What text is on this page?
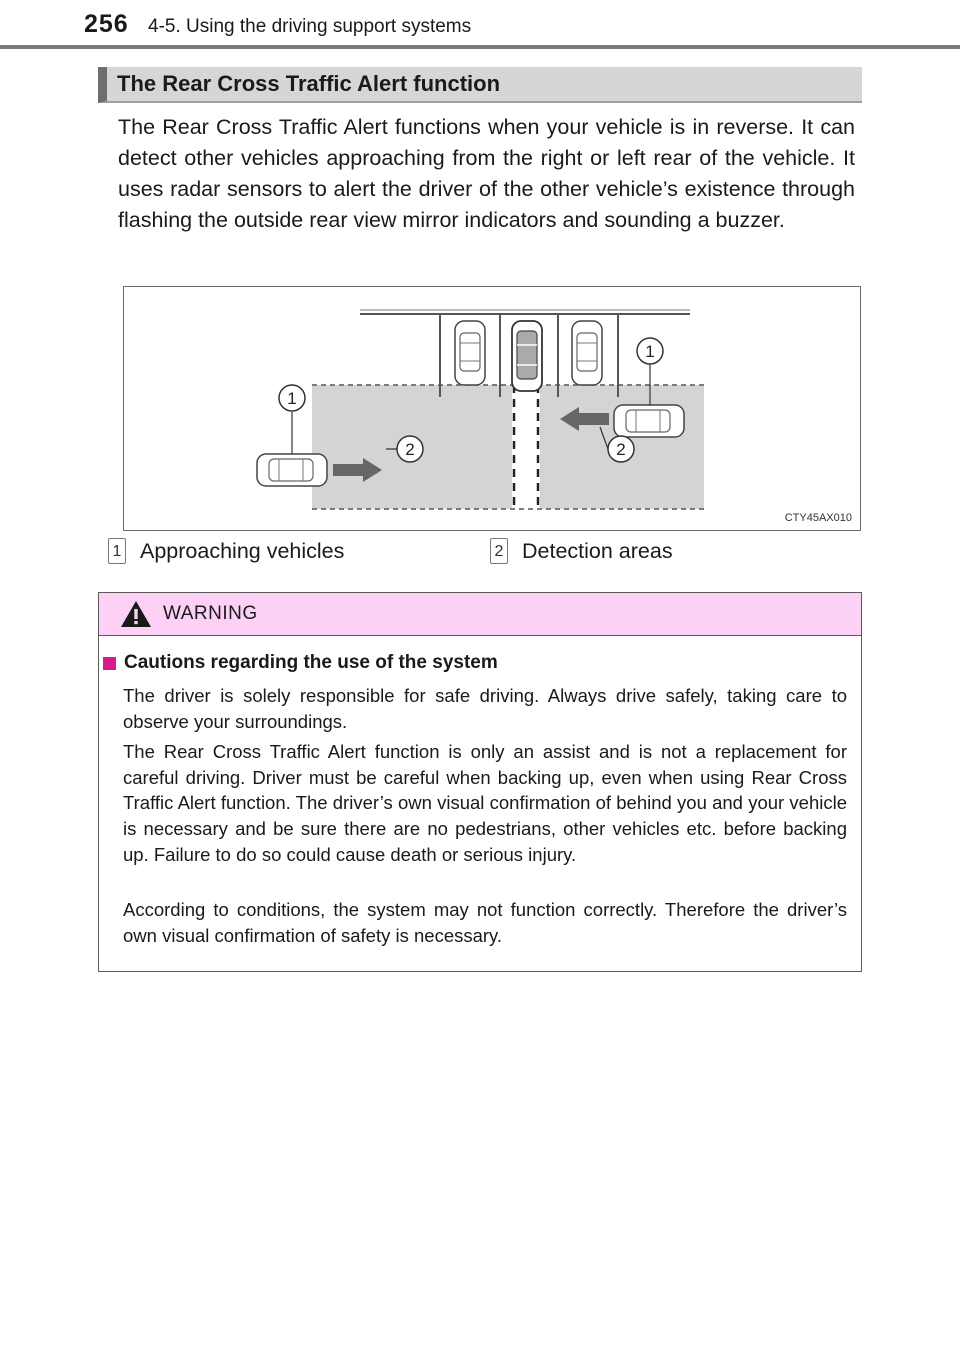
256 4-5. Using the driving support systems
The Rear Cross Traffic Alert function

The Rear Cross Traffic Alert functions when your vehicle is in reverse. It can detect other vehicles approaching from the right or left rear of the vehicle. It uses radar sensors to alert the driver of the other vehicle’s existence through flashing the outside rear view mirror indicators and sounding a buzzer.

1
2
1
2
CTY45AX010
1 Approaching vehicles	2 Detection areas
WARNING
Cautions regarding the use of the system

The driver is solely responsible for safe driving. Always drive safely, taking care to observe your surroundings.

The Rear Cross Traffic Alert function is only an assist and is not a replacement for careful driving. Driver must be careful when backing up, even when using Rear Cross Traffic Alert function. The driver’s own visual confirmation of behind you and your vehicle is necessary and be sure there are no pedestrians, other vehicles etc. before backing up. Failure to do so could cause death or serious injury.

According to conditions, the system may not function correctly. Therefore the driver’s own visual confirmation of safety is necessary.
